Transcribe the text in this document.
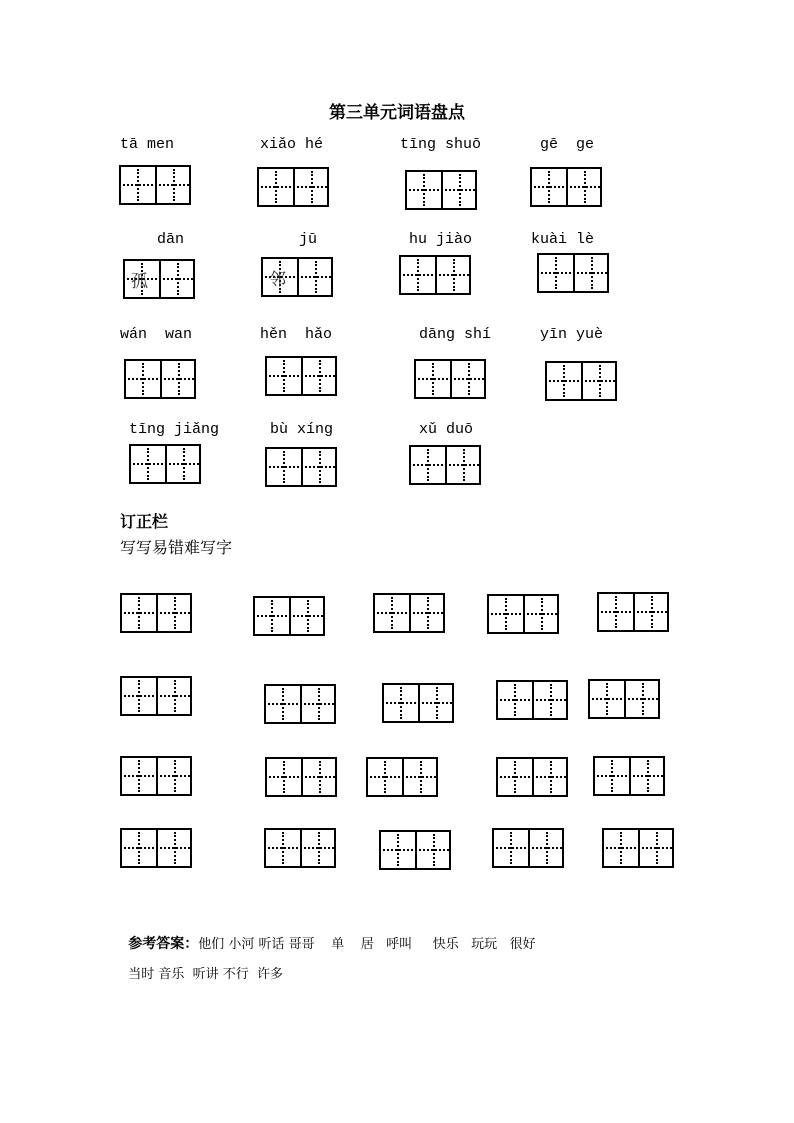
第三单元词语盘点
tā men	xiǎo hé	tīng shuō	gē  ge
dān	jū	hu jiào	kuài lè
wán  wan	hěn  hǎo	dāng shí	yīn yuè
tīng jiǎng	bù xíng	xǔ duō
孤	邻
订正栏
写写易错难写字

参考答案：他们 小河 听话 哥哥    单    居   呼叫     快乐   玩玩   很好

当时 音乐  听讲 不行  许多
